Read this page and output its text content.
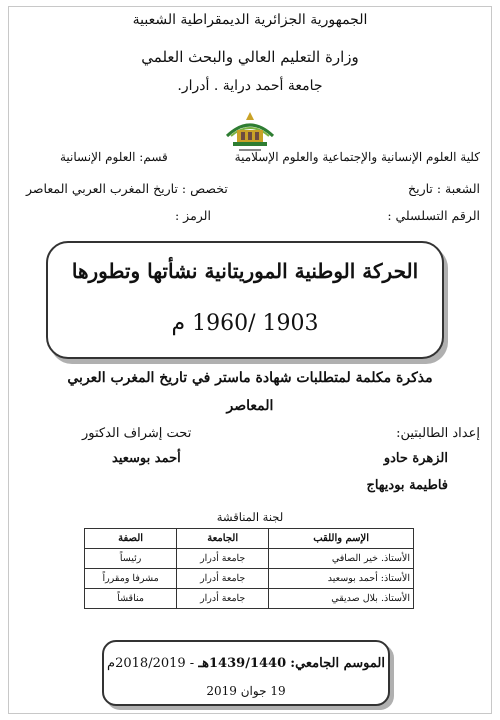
الجمهورية الجزائرية الديمقراطية الشعبية
وزارة التعليم العالي والبحث العلمي
جامعة أحمد دراية . أدرار.
كلية العلوم الإنسانية والإجتماعية والعلوم الإسلامية
قسم: العلوم الإنسانية
الشعبة : تاريخ
تخصص : تاريخ المغرب العربي المعاصر
الرقم التسلسلي :
الرمز :
الحركة الوطنية الموريتانية نشأتها وتطورها
1903 /1960 م
مذكرة مكلمة لمتطلبات شهادة ماستر في تاريخ المغرب العربي
المعاصر
إعداد الطالبتين:
تحت إشراف الدكتور
الزهرة حادو
أحمد بوسعيد
فاطيمة بوديهاج
لجنة المناقشة
الإسم واللقب	الجامعة	الصفة
الأستاذ. خير الصافي	جامعة أدرار	رئيساً
الأستاذ: أحمد بوسعيد	جامعة أدرار	مشرفا ومقرراً
الأستاذ. بلال صديقي	جامعة أدرار	مناقشاً
الموسم الجامعي: 1439/1440هـ - 2018/2019م
19 جوان 2019
